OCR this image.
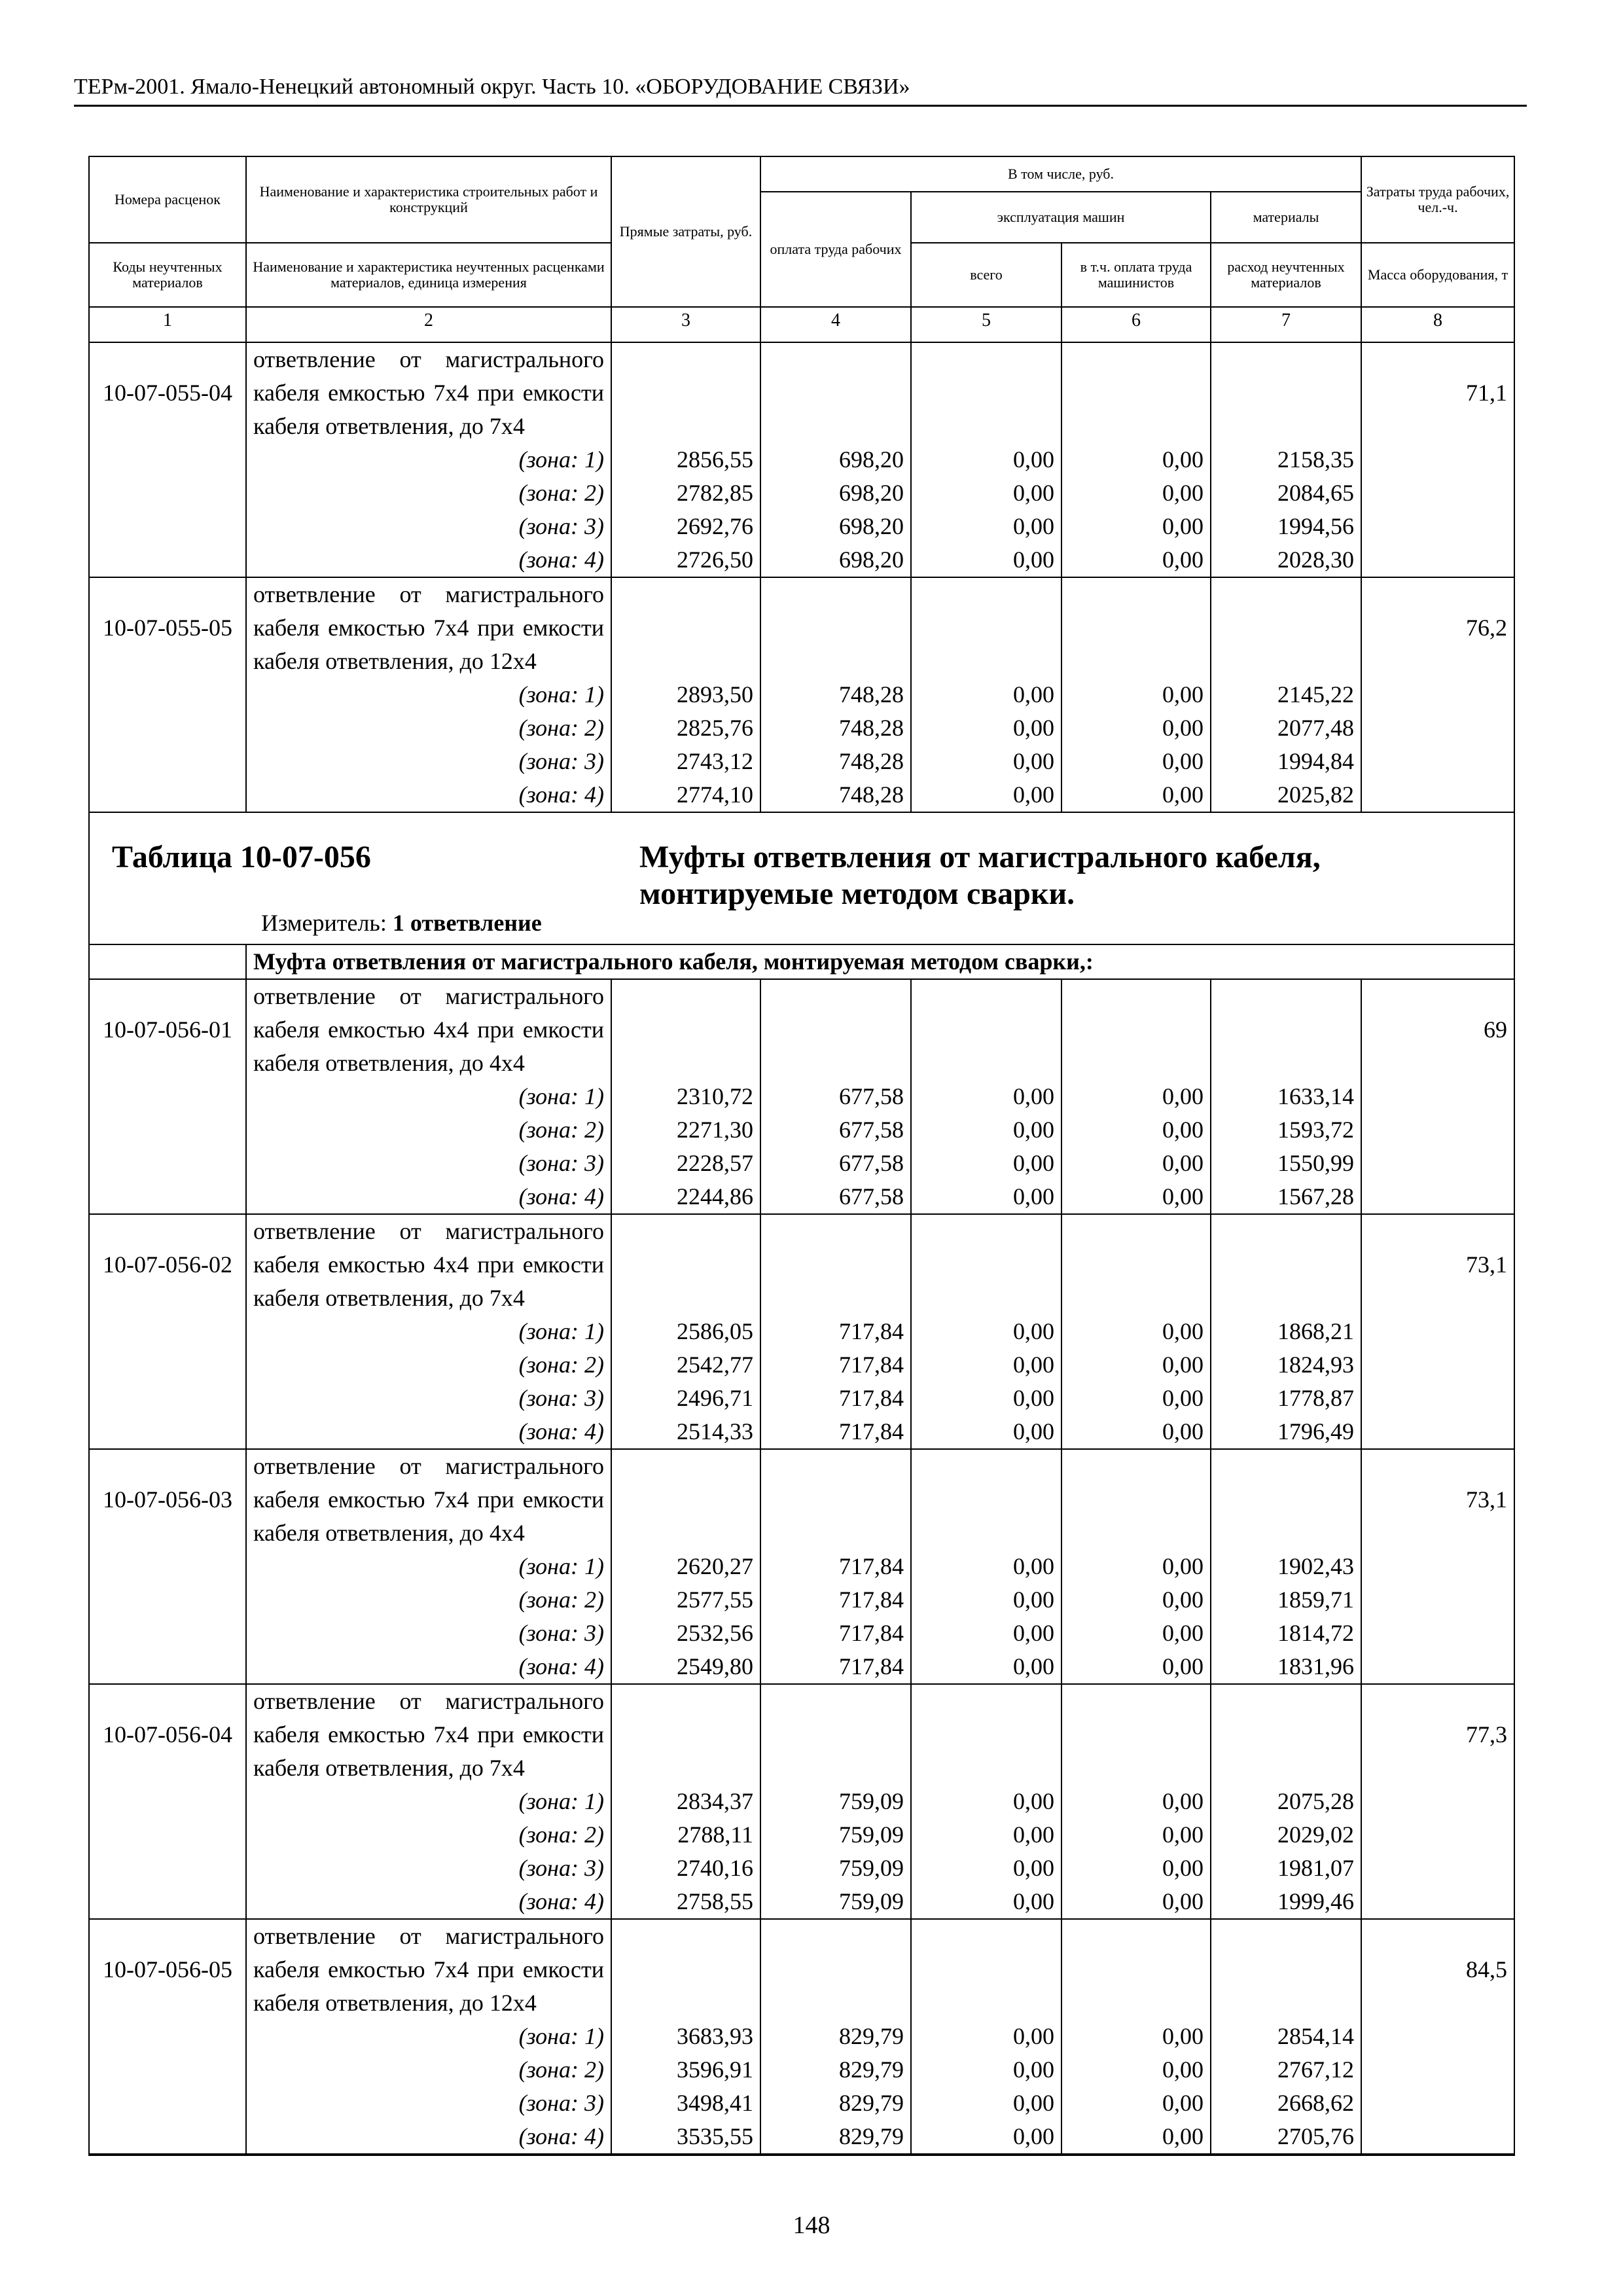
ТЕРм-2001. Ямало-Ненецкий автономный округ. Часть 10. «ОБОРУДОВАНИЕ СВЯЗИ»
Номера расценок	Наименование и характеристика строительных работ и конструкций	Прямые затраты, руб.	В том числе, руб.				Затраты труда рабочих, чел.-ч.
			оплата труда рабочих	эксплуатация машин		материалы	
Коды неучтенных материалов	Наименование и характеристика неучтенных расценками материалов, единица измерения			всего	в т.ч. оплата труда машинистов	расход неучтенных материалов	Масса оборудования, т
1	2	3	4	5	6	7	8
10-07-055-04	ответвление от магистрального кабеля емкостью 7х4 при емкости кабеля ответвления, до 7х4						71,1
	(зона: 1)	2856,55	698,20	0,00	0,00	2158,35	
	(зона: 2)	2782,85	698,20	0,00	0,00	2084,65	
	(зона: 3)	2692,76	698,20	0,00	0,00	1994,56	
	(зона: 4)	2726,50	698,20	0,00	0,00	2028,30	
10-07-055-05	ответвление от магистрального кабеля емкостью 7х4 при емкости кабеля ответвления, до 12х4						76,2
	(зона: 1)	2893,50	748,28	0,00	0,00	2145,22	
	(зона: 2)	2825,76	748,28	0,00	0,00	2077,48	
	(зона: 3)	2743,12	748,28	0,00	0,00	1994,84	
	(зона: 4)	2774,10	748,28	0,00	0,00	2025,82	

Таблица 10-07-056 Муфты ответвления от магистрального кабеля, монтируемые методом сварки.
Измеритель: 1 ответвление							

	Муфта ответвления от магистрального кабеля, монтируемая методом сварки,:						
10-07-056-01	ответвление от магистрального кабеля емкостью 4х4 при емкости кабеля ответвления, до 4х4						69
	(зона: 1)	2310,72	677,58	0,00	0,00	1633,14	
	(зона: 2)	2271,30	677,58	0,00	0,00	1593,72	
	(зона: 3)	2228,57	677,58	0,00	0,00	1550,99	
	(зона: 4)	2244,86	677,58	0,00	0,00	1567,28	
10-07-056-02	ответвление от магистрального кабеля емкостью 4х4 при емкости кабеля ответвления, до 7х4						73,1
	(зона: 1)	2586,05	717,84	0,00	0,00	1868,21	
	(зона: 2)	2542,77	717,84	0,00	0,00	1824,93	
	(зона: 3)	2496,71	717,84	0,00	0,00	1778,87	
	(зона: 4)	2514,33	717,84	0,00	0,00	1796,49	
10-07-056-03	ответвление от магистрального кабеля емкостью 7х4 при емкости кабеля ответвления, до 4х4						73,1
	(зона: 1)	2620,27	717,84	0,00	0,00	1902,43	
	(зона: 2)	2577,55	717,84	0,00	0,00	1859,71	
	(зона: 3)	2532,56	717,84	0,00	0,00	1814,72	
	(зона: 4)	2549,80	717,84	0,00	0,00	1831,96	
10-07-056-04	ответвление от магистрального кабеля емкостью 7х4 при емкости кабеля ответвления, до 7х4						77,3
	(зона: 1)	2834,37	759,09	0,00	0,00	2075,28	
	(зона: 2)	2788,11	759,09	0,00	0,00	2029,02	
	(зона: 3)	2740,16	759,09	0,00	0,00	1981,07	
	(зона: 4)	2758,55	759,09	0,00	0,00	1999,46	
10-07-056-05	ответвление от магистрального кабеля емкостью 7х4 при емкости кабеля ответвления, до 12х4						84,5
	(зона: 1)	3683,93	829,79	0,00	0,00	2854,14	
	(зона: 2)	3596,91	829,79	0,00	0,00	2767,12	
	(зона: 3)	3498,41	829,79	0,00	0,00	2668,62	
	(зона: 4)	3535,55	829,79	0,00	0,00	2705,76	
148
